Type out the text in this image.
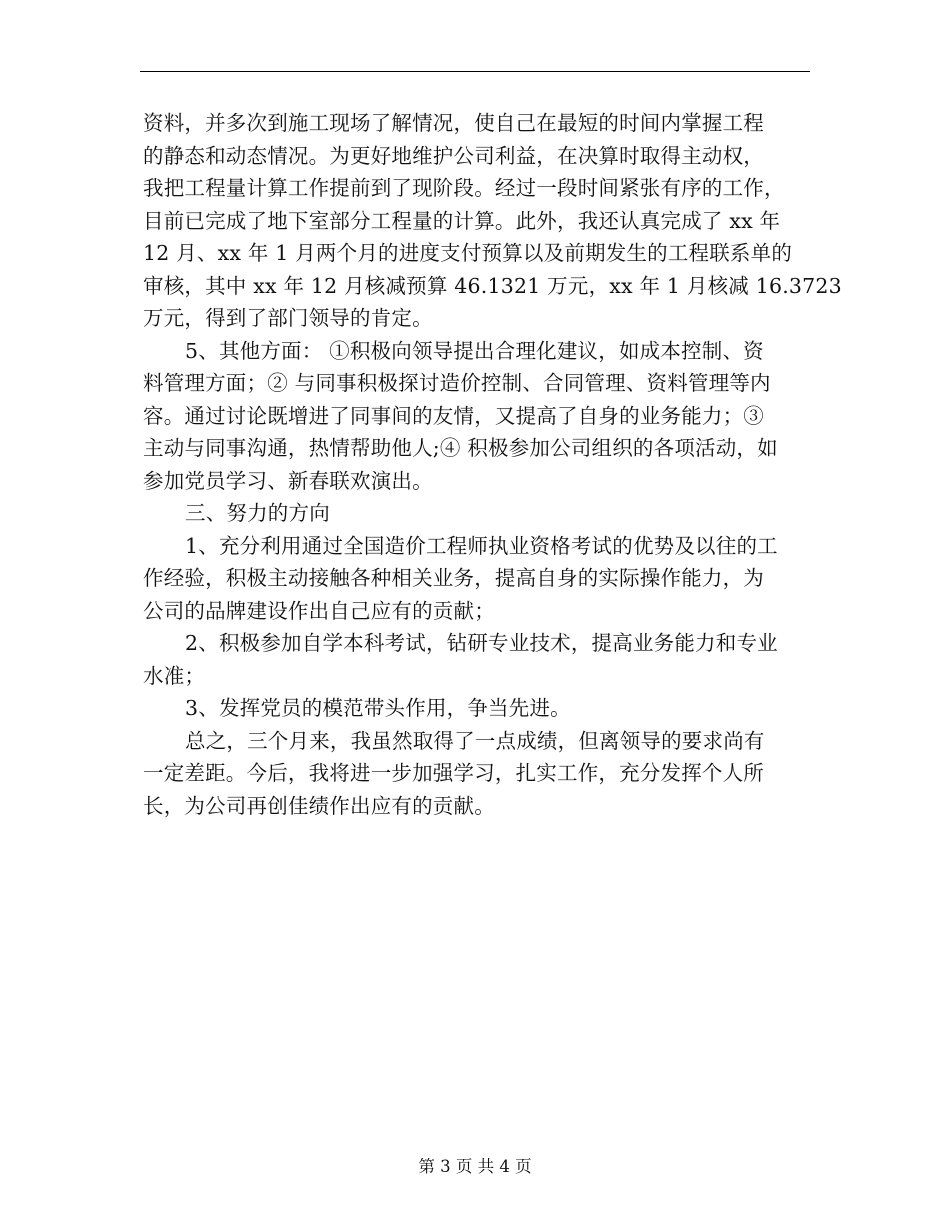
资料，并多次到施工现场了解情况，使自己在最短的时间内掌握工程
的静态和动态情况。为更好地维护公司利益，在决算时取得主动权，
我把工程量计算工作提前到了现阶段。经过一段时间紧张有序的工作，
目前已完成了地下室部分工程量的计算。此外，我还认真完成了 xx 年
12 月、xx 年 1 月两个月的进度支付预算以及前期发生的工程联系单的
审核，其中 xx 年 12 月核减预算 46.1321 万元，xx 年 1 月核减 16.3723
万元，得到了部门领导的肯定。
5、其他方面： ①积极向领导提出合理化建议，如成本控制、资
料管理方面；② 与同事积极探讨造价控制、合同管理、资料管理等内
容。通过讨论既增进了同事间的友情，又提高了自身的业务能力；③
主动与同事沟通，热情帮助他人;④ 积极参加公司组织的各项活动，如
参加党员学习、新春联欢演出。
三、努力的方向
1、充分利用通过全国造价工程师执业资格考试的优势及以往的工
作经验，积极主动接触各种相关业务，提高自身的实际操作能力，为
公司的品牌建设作出自己应有的贡献；
2、积极参加自学本科考试，钻研专业技术，提高业务能力和专业
水准；
3、发挥党员的模范带头作用，争当先进。
总之，三个月来，我虽然取得了一点成绩，但离领导的要求尚有
一定差距。今后，我将进一步加强学习，扎实工作，充分发挥个人所
长，为公司再创佳绩作出应有的贡献。
第 3 页 共 4 页
